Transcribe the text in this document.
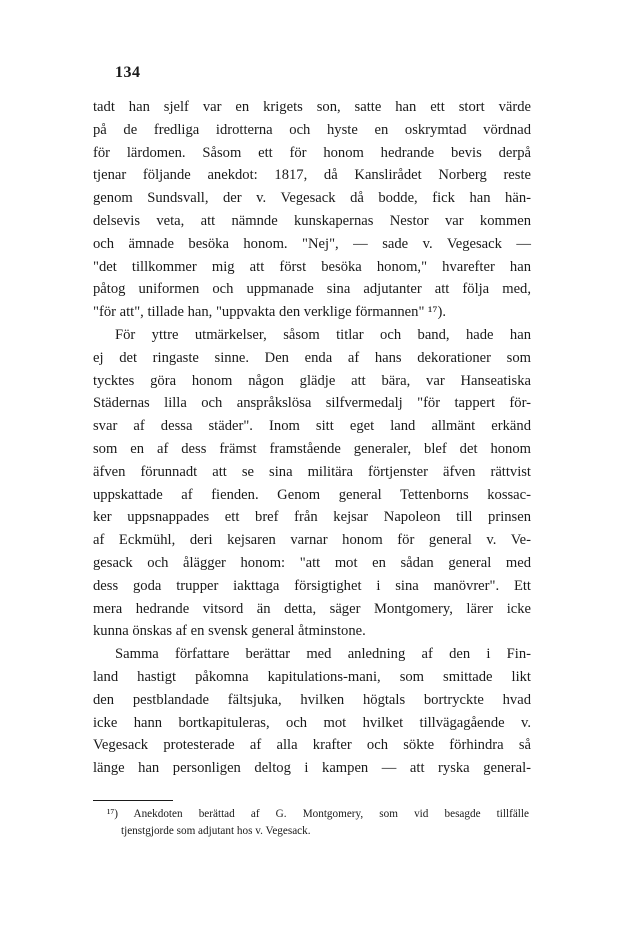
134
tadt han sjelf var en krigets son, satte han ett stort värde
på de fredliga idrotterna och hyste en oskrymtad vördnad
för lärdomen. Såsom ett för honom hedrande bevis derpå
tjenar följande anekdot: 1817, då Kanslirådet Norberg reste
genom Sundsvall, der v. Vegesack då bodde, fick han hän-
delsevis veta, att nämnde kunskapernas Nestor var kommen
och ämnade besöka honom. "Nej", — sade v. Vegesack —
"det tillkommer mig att först besöka honom," hvarefter han
påtog uniformen och uppmanade sina adjutanter att följa med,
"för att", tillade han, "uppvakta den verklige förmannen" ¹⁷).
För yttre utmärkelser, såsom titlar och band, hade han
ej det ringaste sinne. Den enda af hans dekorationer som
tycktes göra honom någon glädje att bära, var Hanseatiska
Städernas lilla och anspråkslösa silfvermedalj "för tappert för-
svar af dessa städer". Inom sitt eget land allmänt erkänd
som en af dess främst framstående generaler, blef det honom
äfven förunnadt att se sina militära förtjenster äfven rättvist
uppskattade af fienden. Genom general Tettenborns kossac-
ker uppsnappades ett bref från kejsar Napoleon till prinsen
af Eckmühl, deri kejsaren varnar honom för general v. Ve-
gesack och ålägger honom: "att mot en sådan general med
dess goda trupper iakttaga försigtighet i sina manövrer". Ett
mera hedrande vitsord än detta, säger Montgomery, lärer icke
kunna önskas af en svensk general åtminstone.
Samma författare berättar med anledning af den i Fin-
land hastigt påkomna kapitulations-mani, som smittade likt
den pestblandade fältsjuka, hvilken högtals bortryckte hvad
icke hann bortkapituleras, och mot hvilket tillvägagående v.
Vegesack protesterade af alla krafter och sökte förhindra så
länge han personligen deltog i kampen — att ryska general-
¹⁷) Anekdoten berättad af G. Montgomery, som vid besagde tillfälle
tjenstgjorde som adjutant hos v. Vegesack.
